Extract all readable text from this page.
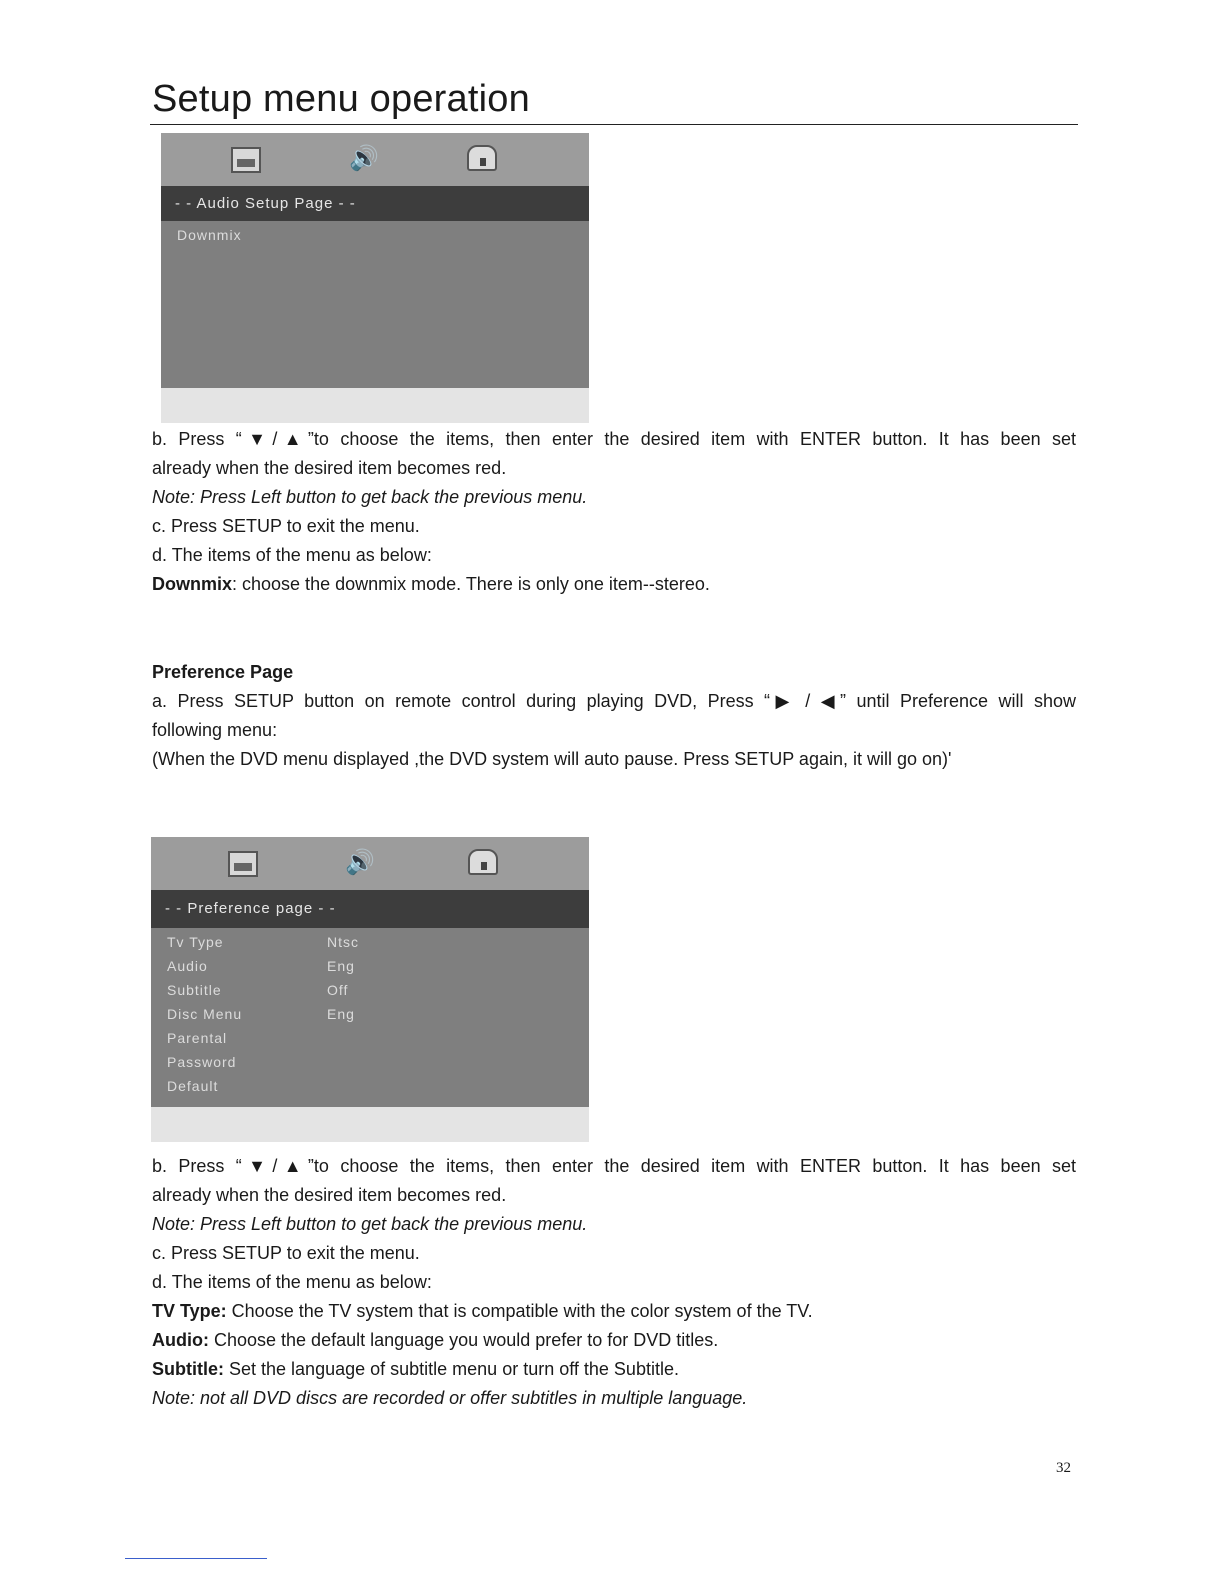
Setup menu operation
🔊
- - Audio Setup Page - -
Downmix
b. Press “▼/▲”to choose the items, then enter the desired item with ENTER button. It has been set
already when the desired item becomes red.
Note: Press Left button to get back the previous menu.
c. Press SETUP to exit the menu.
d. The items of the menu as below:
Downmix: choose the downmix mode. There is only one item--stereo.
Preference Page
a. Press SETUP button on remote control during playing DVD, Press “▶ / ◀” until Preference will show
following menu:
(When the DVD menu displayed ,the DVD system will auto pause. Press SETUP again, it will go on)'
🔊
- - Preference page - -
Tv Type	Ntsc
Audio	Eng
Subtitle	Off
Disc Menu	Eng
Parental
Password
Default
b. Press “▼/▲”to choose the items, then enter the desired item with ENTER button. It has been set
already when the desired item becomes red.
Note: Press Left button to get back the previous menu.
c. Press SETUP to exit the menu.
d. The items of the menu as below:
TV Type: Choose the TV system that is compatible with the color system of the TV.
Audio: Choose the default language you would prefer to for DVD titles.
Subtitle: Set the language of subtitle menu or turn off the Subtitle.
Note: not all DVD discs are recorded or offer subtitles in multiple language.
32
